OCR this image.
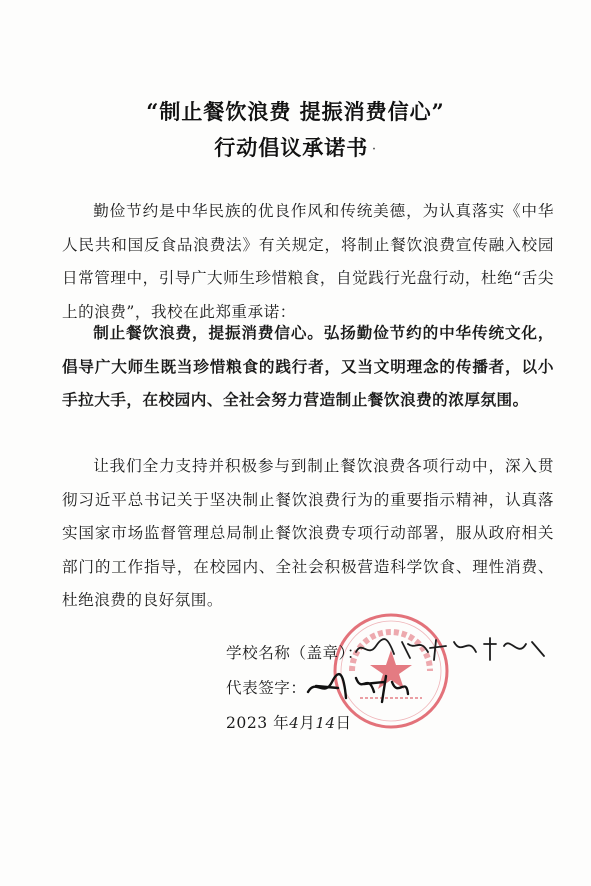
“制止餐饮浪费 提振消费信心”
行动倡议承诺书 ·

勤俭节约是中华民族的优良作风和传统美德，为认真落实《中华人民共和国反食品浪费法》有关规定，将制止餐饮浪费宣传融入校园日常管理中，引导广大师生珍惜粮食，自觉践行光盘行动，杜绝“舌尖上的浪费”，我校在此郑重承诺：

制止餐饮浪费，提振消费信心。弘扬勤俭节约的中华传统文化，倡导广大师生既当珍惜粮食的践行者，又当文明理念的传播者，以小手拉大手，在校园内、全社会努力营造制止餐饮浪费的浓厚氛围。

让我们全力支持并积极参与到制止餐饮浪费各项行动中，深入贯彻习近平总书记关于坚决制止餐饮浪费行为的重要指示精神，认真落实国家市场监督管理总局制止餐饮浪费专项行动部署，服从政府相关部门的工作指导，在校园内、全社会积极营造科学饮食、理性消费、杜绝浪费的良好氛围。

学校名称（盖章）：
代表签字：
2023 年4月14日
